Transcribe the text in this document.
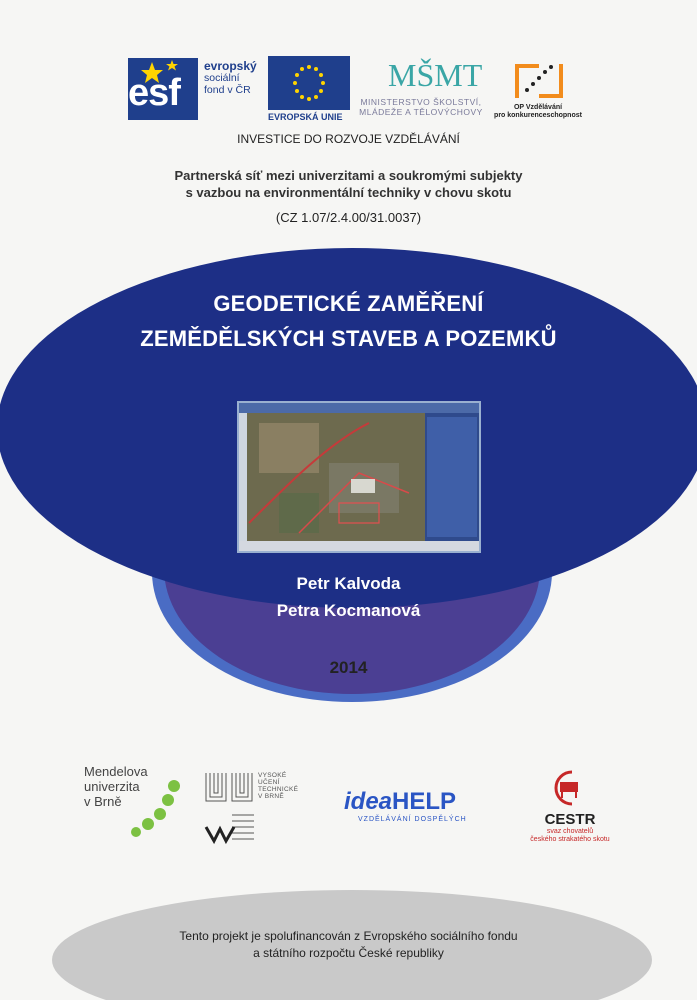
esf
evropský
sociální
fond v ČR
EVROPSKÁ UNIE
MŠMT
MINISTERSTVO ŠKOLSTVÍ,
MLÁDEŽE A TĚLOVÝCHOVY	OP Vzdělávání
pro konkurenceschopnost
INVESTICE DO ROZVOJE VZDĚLÁVÁNÍ
Partnerská síť mezi univerzitami a soukromými subjekty
s vazbou na environmentální techniky v chovu skotu
(CZ 1.07/2.4.00/31.0037)
GEODETICKÉ ZAMĚŘENÍ
ZEMĚDĚLSKÝCH STAVEB A POZEMKŮ
Petr Kalvoda
Petra Kocmanová
2014
Mendelova
univerzita
v Brně
VYSOKÉ
UČENÍ
TECHNICKÉ
V BRNĚ	ideaHELP
VZDĚLÁVÁNÍ DOSPĚLÝCH	CESTR
svaz chovatelů
českého strakatého skotu
Tento projekt je spolufinancován z Evropského sociálního fondu
a státního rozpočtu České republiky
